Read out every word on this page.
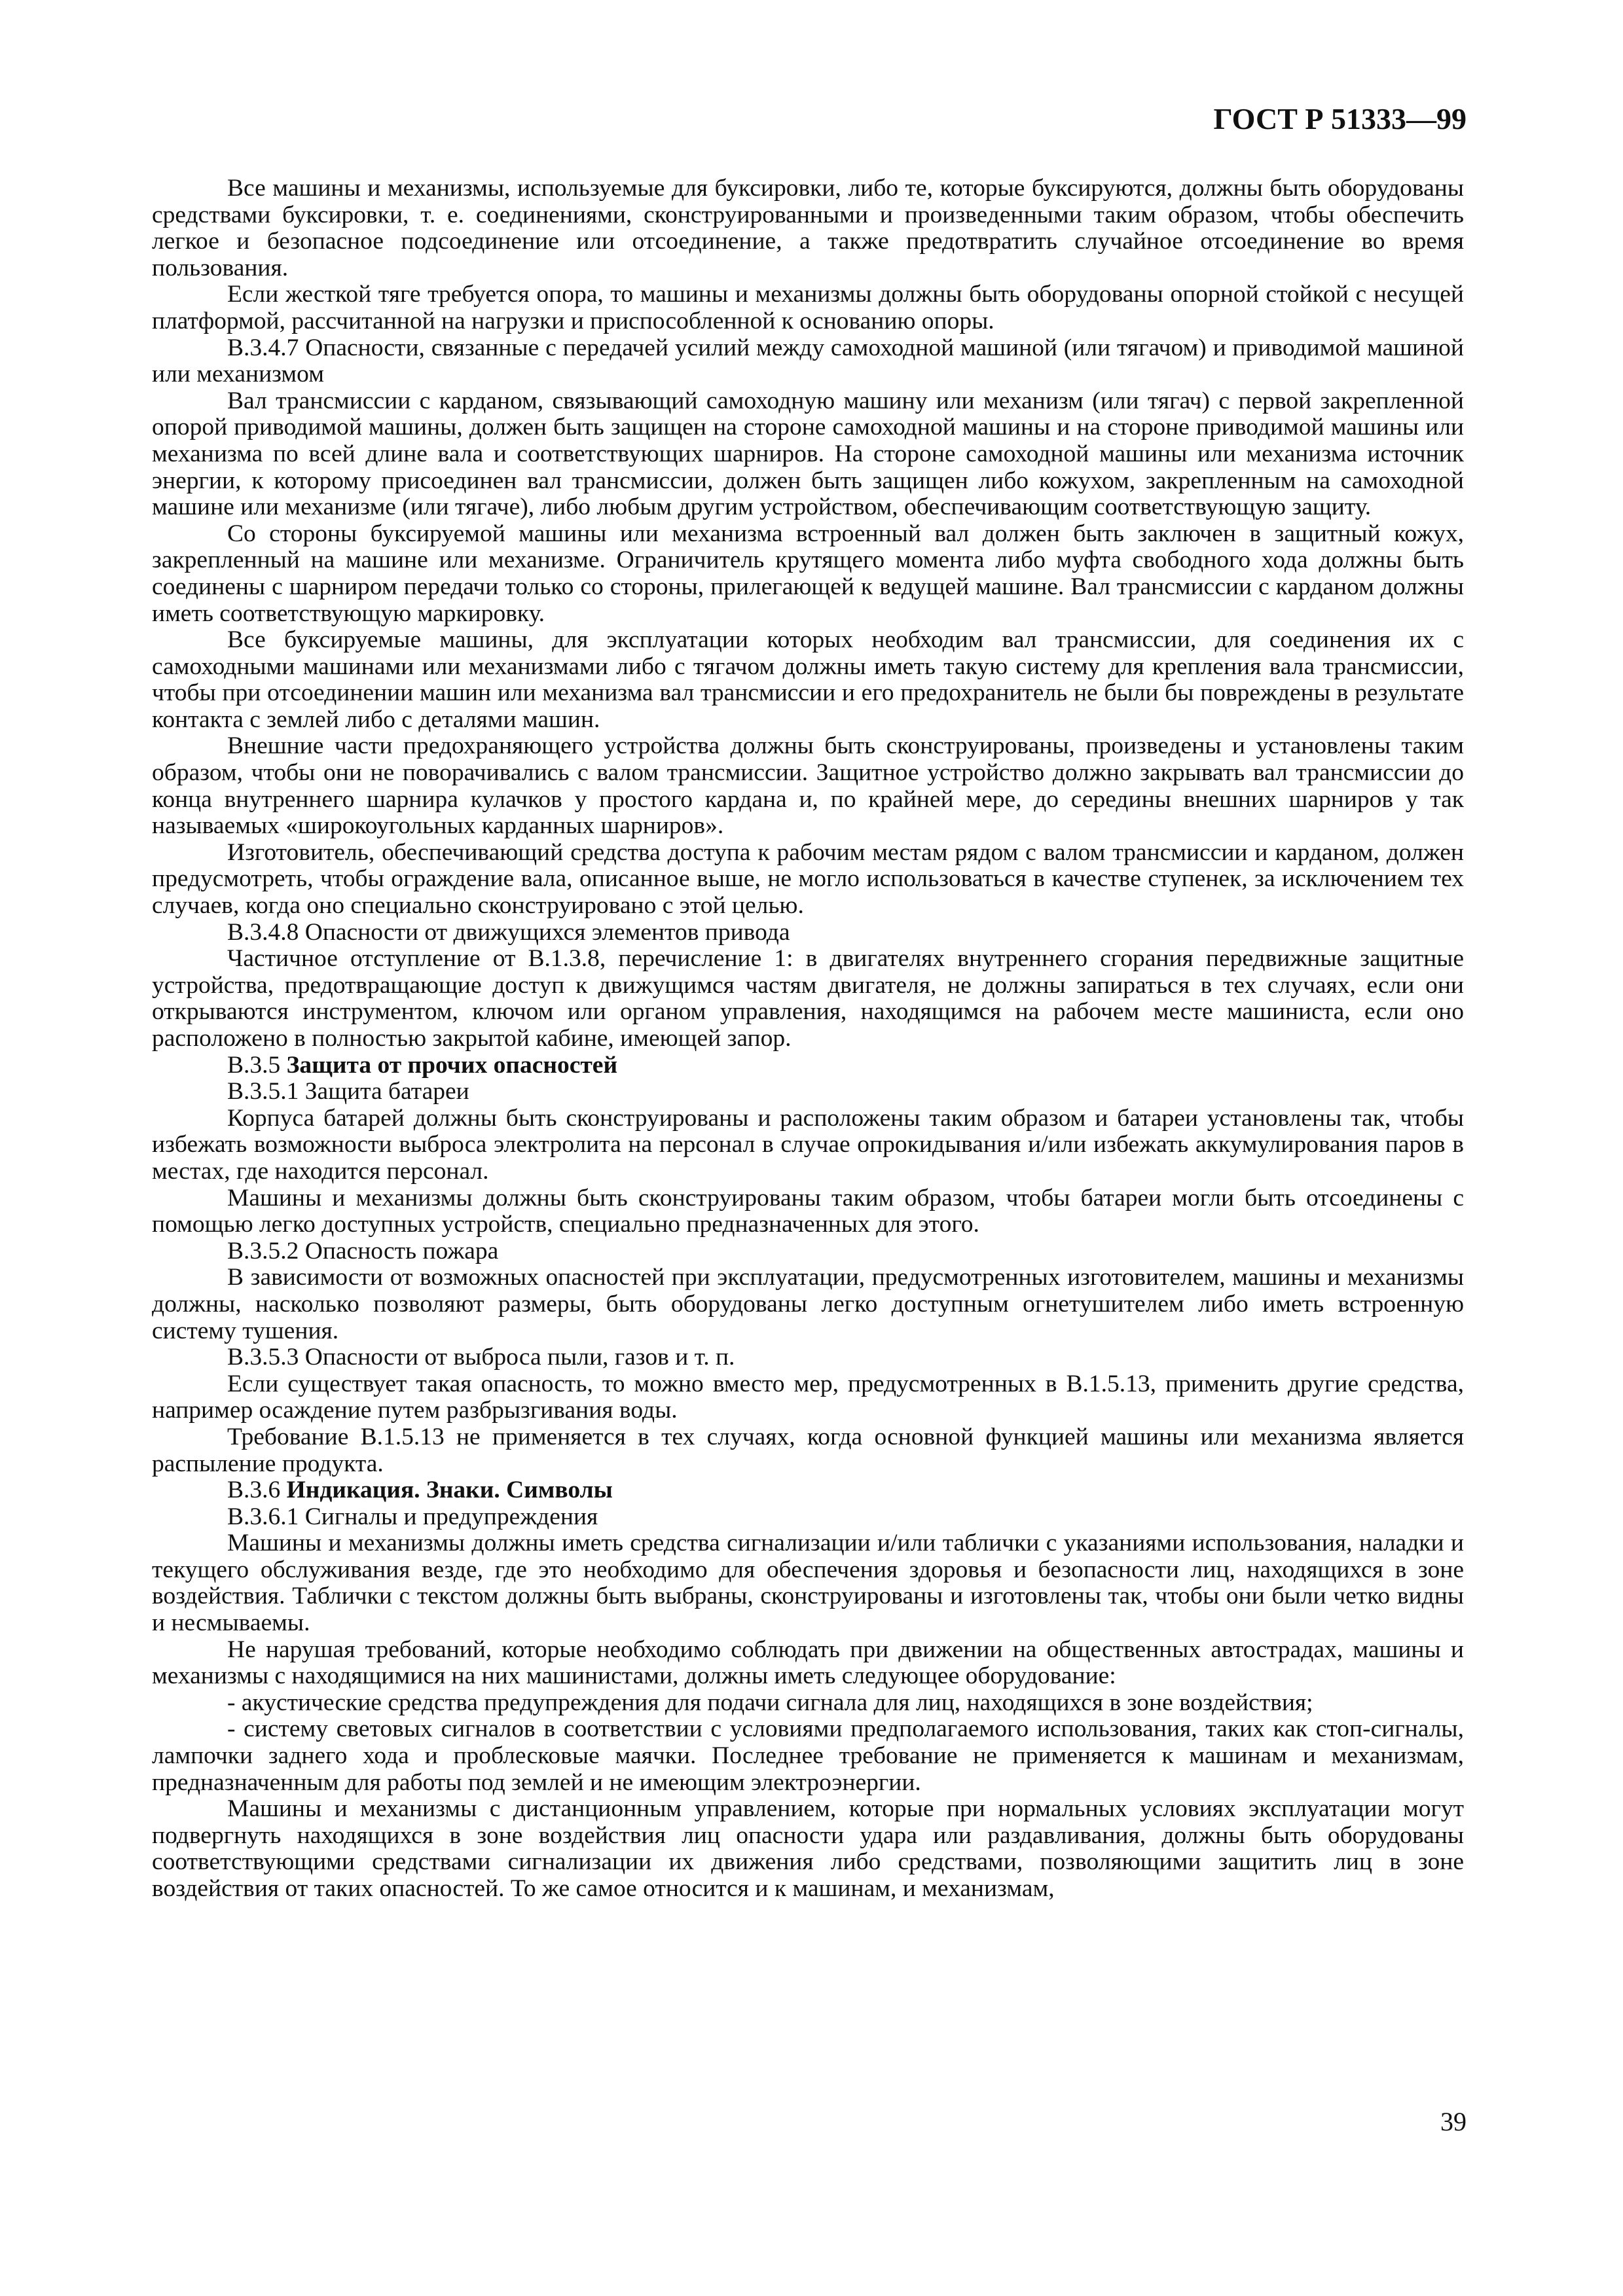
ГОСТ Р 51333—99

Все машины и механизмы, используемые для буксировки, либо те, которые буксируются, должны быть оборудованы средствами буксировки, т. е. соединениями, сконструированными и произведенными таким образом, чтобы обеспечить легкое и безопасное подсоединение или отсоединение, а также предотвратить случайное отсоединение во время пользования.

Если жесткой тяге требуется опора, то машины и механизмы должны быть оборудованы опорной стойкой с несущей платформой, рассчитанной на нагрузки и приспособленной к основанию опоры.

В.3.4.7 Опасности, связанные с передачей усилий между самоходной машиной (или тягачом) и приводимой машиной или механизмом

Вал трансмиссии с карданом, связывающий самоходную машину или механизм (или тягач) с первой закрепленной опорой приводимой машины, должен быть защищен на стороне самоходной машины и на стороне приводимой машины или механизма по всей длине вала и соответствующих шарниров. На стороне самоходной машины или механизма источник энергии, к которому присоединен вал трансмиссии, должен быть защищен либо кожухом, закрепленным на самоходной машине или механизме (или тягаче), либо любым другим устройством, обеспечивающим соответствующую защиту.

Со стороны буксируемой машины или механизма встроенный вал должен быть заключен в защитный кожух, закрепленный на машине или механизме. Ограничитель крутящего момента либо муфта свободного хода должны быть соединены с шарниром передачи только со стороны, прилегающей к ведущей машине. Вал трансмиссии с карданом должны иметь соответствующую маркировку.

Все буксируемые машины, для эксплуатации которых необходим вал трансмиссии, для соединения их с самоходными машинами или механизмами либо с тягачом должны иметь такую систему для крепления вала трансмиссии, чтобы при отсоединении машин или механизма вал трансмиссии и его предохранитель не были бы повреждены в результате контакта с землей либо с деталями машин.

Внешние части предохраняющего устройства должны быть сконструированы, произведены и установлены таким образом, чтобы они не поворачивались с валом трансмиссии. Защитное устройство должно закрывать вал трансмиссии до конца внутреннего шарнира кулачков у простого кардана и, по крайней мере, до середины внешних шарниров у так называемых «широкоугольных карданных шарниров».

Изготовитель, обеспечивающий средства доступа к рабочим местам рядом с валом трансмиссии и карданом, должен предусмотреть, чтобы ограждение вала, описанное выше, не могло использоваться в качестве ступенек, за исключением тех случаев, когда оно специально сконструировано с этой целью.

В.3.4.8 Опасности от движущихся элементов привода

Частичное отступление от В.1.3.8, перечисление 1: в двигателях внутреннего сгорания передвижные защитные устройства, предотвращающие доступ к движущимся частям двигателя, не должны запираться в тех случаях, если они открываются инструментом, ключом или органом управления, находящимся на рабочем месте машиниста, если оно расположено в полностью закрытой кабине, имеющей запор.

В.3.5 Защита от прочих опасностей

В.3.5.1 Защита батареи

Корпуса батарей должны быть сконструированы и расположены таким образом и батареи установлены так, чтобы избежать возможности выброса электролита на персонал в случае опрокидывания и/или избежать аккумулирования паров в местах, где находится персонал.

Машины и механизмы должны быть сконструированы таким образом, чтобы батареи могли быть отсоединены с помощью легко доступных устройств, специально предназначенных для этого.

В.3.5.2 Опасность пожара

В зависимости от возможных опасностей при эксплуатации, предусмотренных изготовителем, машины и механизмы должны, насколько позволяют размеры, быть оборудованы легко доступным огнетушителем либо иметь встроенную систему тушения.

В.3.5.3 Опасности от выброса пыли, газов и т. п.

Если существует такая опасность, то можно вместо мер, предусмотренных в В.1.5.13, применить другие средства, например осаждение путем разбрызгивания воды.

Требование В.1.5.13 не применяется в тех случаях, когда основной функцией машины или механизма является распыление продукта.

В.3.6 Индикация. Знаки. Символы

В.3.6.1 Сигналы и предупреждения

Машины и механизмы должны иметь средства сигнализации и/или таблички с указаниями использования, наладки и текущего обслуживания везде, где это необходимо для обеспечения здоровья и безопасности лиц, находящихся в зоне воздействия. Таблички с текстом должны быть выбраны, сконструированы и изготовлены так, чтобы они были четко видны и несмываемы.

Не нарушая требований, которые необходимо соблюдать при движении на общественных автострадах, машины и механизмы с находящимися на них машинистами, должны иметь следующее оборудование:

- акустические средства предупреждения для подачи сигнала для лиц, находящихся в зоне воздействия;

- систему световых сигналов в соответствии с условиями предполагаемого использования, таких как стоп-сигналы, лампочки заднего хода и проблесковые маячки. Последнее требование не применяется к машинам и механизмам, предназначенным для работы под землей и не имеющим электроэнергии.

Машины и механизмы с дистанционным управлением, которые при нормальных условиях эксплуатации могут подвергнуть находящихся в зоне воздействия лиц опасности удара или раздавливания, должны быть оборудованы соответствующими средствами сигнализации их движения либо средствами, позволяющими защитить лиц в зоне воздействия от таких опасностей. То же самое относится и к машинам, и механизмам,

39
